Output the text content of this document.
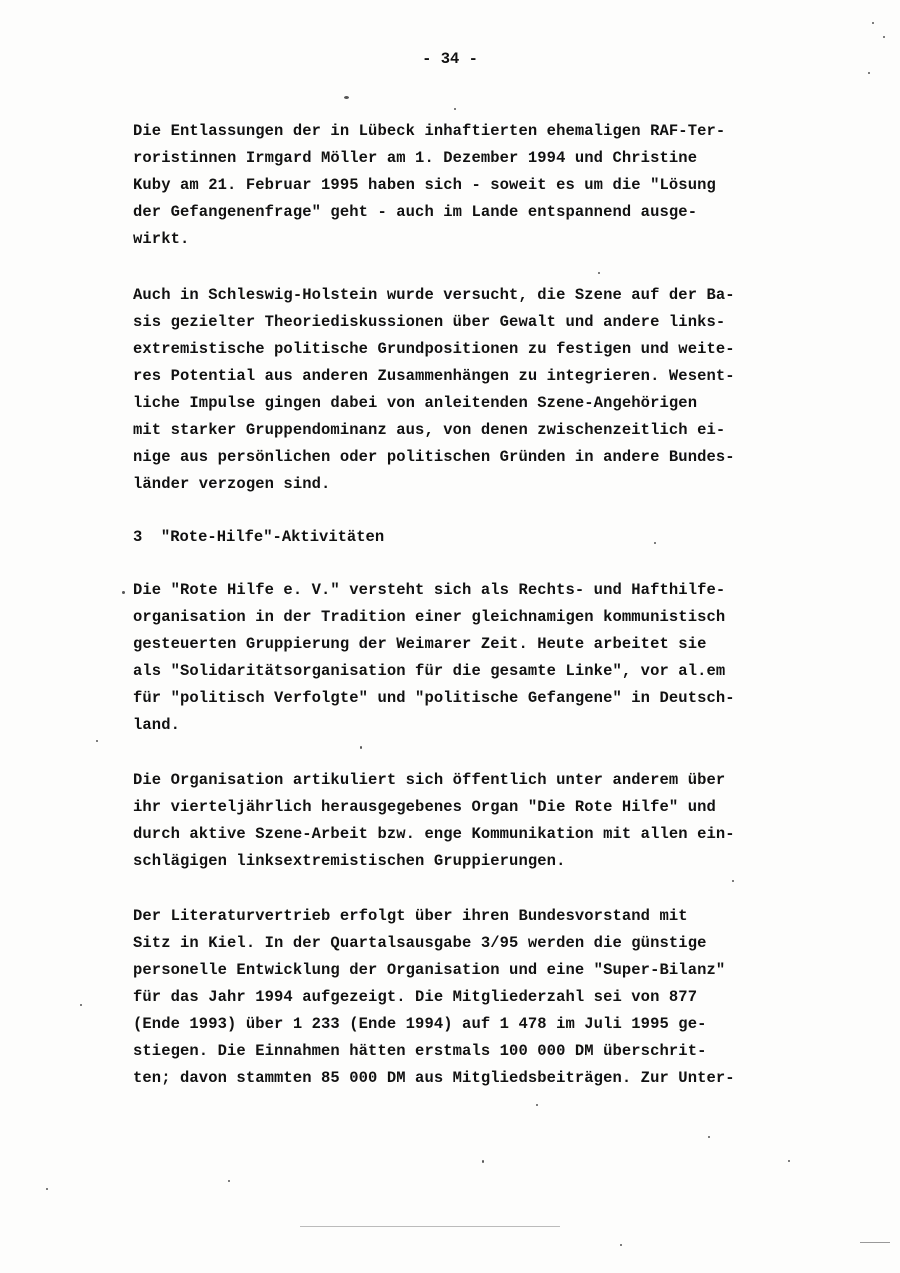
- 34 -
Die Entlassungen der in Lübeck inhaftierten ehemaligen RAF-Ter-
roristinnen Irmgard Möller am 1. Dezember 1994 und Christine
Kuby am 21. Februar 1995 haben sich - soweit es um die "Lösung
der Gefangenenfrage" geht - auch im Lande entspannend ausge-
wirkt.
Auch in Schleswig-Holstein wurde versucht, die Szene auf der Ba-
sis gezielter Theoriediskussionen über Gewalt und andere links-
extremistische politische Grundpositionen zu festigen und weite-
res Potential aus anderen Zusammenhängen zu integrieren. Wesent-
liche Impulse gingen dabei von anleitenden Szene-Angehörigen
mit starker Gruppendominanz aus, von denen zwischenzeitlich ei-
nige aus persönlichen oder politischen Gründen in andere Bundes-
länder verzogen sind.
3  "Rote-Hilfe"-Aktivitäten
Die "Rote Hilfe e. V." versteht sich als Rechts- und Hafthilfe-
organisation in der Tradition einer gleichnamigen kommunistisch
gesteuerten Gruppierung der Weimarer Zeit. Heute arbeitet sie
als "Solidaritätsorganisation für die gesamte Linke", vor al.em
für "politisch Verfolgte" und "politische Gefangene" in Deutsch-
land.
Die Organisation artikuliert sich öffentlich unter anderem über
ihr vierteljährlich herausgegebenes Organ "Die Rote Hilfe" und
durch aktive Szene-Arbeit bzw. enge Kommunikation mit allen ein-
schlägigen linksextremistischen Gruppierungen.
Der Literaturvertrieb erfolgt über ihren Bundesvorstand mit
Sitz in Kiel. In der Quartalsausgabe 3/95 werden die günstige
personelle Entwicklung der Organisation und eine "Super-Bilanz"
für das Jahr 1994 aufgezeigt. Die Mitgliederzahl sei von 877
(Ende 1993) über 1 233 (Ende 1994) auf 1 478 im Juli 1995 ge-
stiegen. Die Einnahmen hätten erstmals 100 000 DM überschrit-
ten; davon stammten 85 000 DM aus Mitgliedsbeiträgen. Zur Unter-
